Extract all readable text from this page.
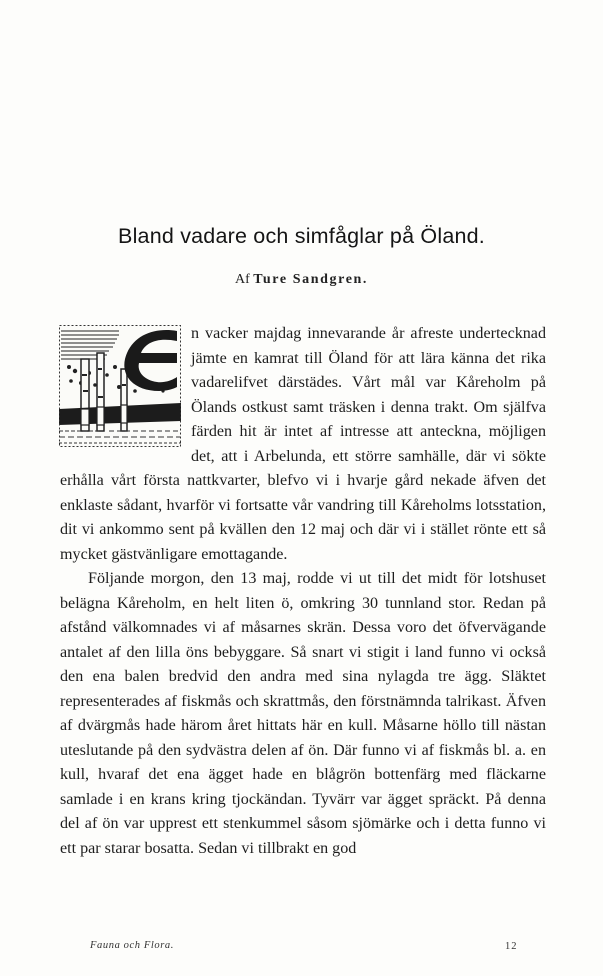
Bland vadare och simfåglar på Öland.
Af Ture Sandgren.

n vacker majdag innevarande år afreste undertecknad jämte en kamrat till Öland för att lära känna det rika vadarelifvet därstädes. Vårt mål var Kåreholm på Ölands ostkust samt träsken i denna trakt. Om själfva färden hit är intet af intresse att anteckna, möjligen det, att i Arbelunda, ett större samhälle, där vi sökte erhålla vårt första nattkvarter, blefvo vi i hvarje gård nekade äfven det enklaste sådant, hvarför vi fortsatte vår vandring till Kåreholms lotsstation, dit vi ankommo sent på kvällen den 12 maj och där vi i stället rönte ett så mycket gästvänligare emottagande.

Följande morgon, den 13 maj, rodde vi ut till det midt för lotshuset belägna Kåreholm, en helt liten ö, omkring 30 tunnland stor. Redan på afstånd välkomnades vi af måsarnes skrän. Dessa voro det öfvervägande antalet af den lilla öns bebyggare. Så snart vi stigit i land funno vi också den ena balen bredvid den andra med sina nylagda tre ägg. Släktet representerades af fiskmås och skrattmås, den förstnämnda talrikast. Äfven af dvärgmås hade härom året hittats här en kull. Måsarne höllo till nästan uteslutande på den sydvästra delen af ön. Där funno vi af fiskmås bl. a. en kull, hvaraf det ena ägget hade en blågrön bottenfärg med fläckarne samlade i en krans kring tjockändan. Tyvärr var ägget spräckt. På denna del af ön var upprest ett stenkummel såsom sjömärke och i detta funno vi ett par starar bosatta. Sedan vi tillbrakt en god

Fauna och Flora.	12
